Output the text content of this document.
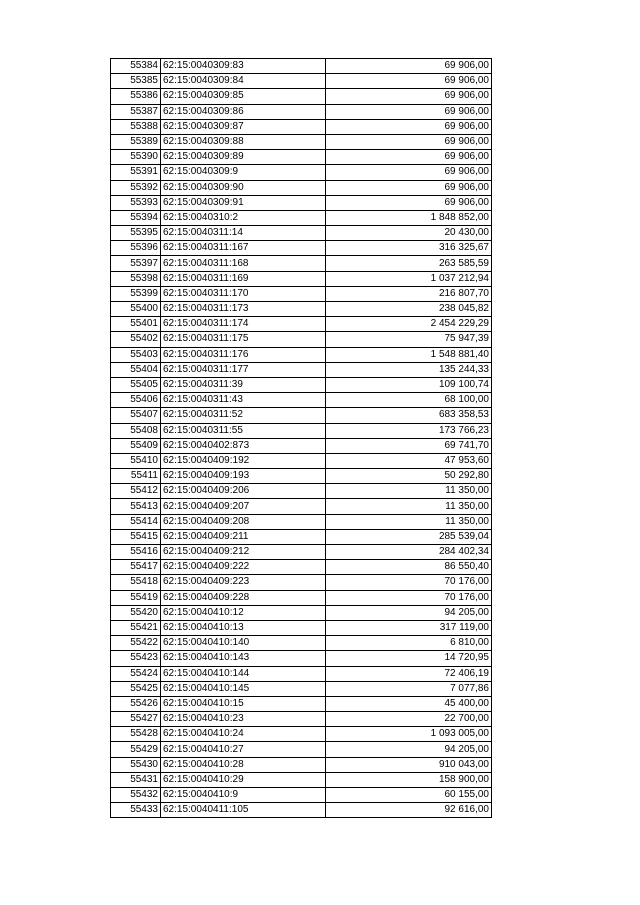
55384	62:15:0040309:83	69 906,00
55385	62:15:0040309:84	69 906,00
55386	62:15:0040309:85	69 906,00
55387	62:15:0040309:86	69 906,00
55388	62:15:0040309:87	69 906,00
55389	62:15:0040309:88	69 906,00
55390	62:15:0040309:89	69 906,00
55391	62:15:0040309:9	69 906,00
55392	62:15:0040309:90	69 906,00
55393	62:15:0040309:91	69 906,00
55394	62:15:0040310:2	1 848 852,00
55395	62:15:0040311:14	20 430,00
55396	62:15:0040311:167	316 325,67
55397	62:15:0040311:168	263 585,59
55398	62:15:0040311:169	1 037 212,94
55399	62:15:0040311:170	216 807,70
55400	62:15:0040311:173	238 045,82
55401	62:15:0040311:174	2 454 229,29
55402	62:15:0040311:175	75 947,39
55403	62:15:0040311:176	1 548 881,40
55404	62:15:0040311:177	135 244,33
55405	62:15:0040311:39	109 100,74
55406	62:15:0040311:43	68 100,00
55407	62:15:0040311:52	683 358,53
55408	62:15:0040311:55	173 766,23
55409	62:15:0040402:873	69 741,70
55410	62:15:0040409:192	47 953,60
55411	62:15:0040409:193	50 292,80
55412	62:15:0040409:206	11 350,00
55413	62:15:0040409:207	11 350,00
55414	62:15:0040409:208	11 350,00
55415	62:15:0040409:211	285 539,04
55416	62:15:0040409:212	284 402,34
55417	62:15:0040409:222	86 550,40
55418	62:15:0040409:223	70 176,00
55419	62:15:0040409:228	70 176,00
55420	62:15:0040410:12	94 205,00
55421	62:15:0040410:13	317 119,00
55422	62:15:0040410:140	6 810,00
55423	62:15:0040410:143	14 720,95
55424	62:15:0040410:144	72 406,19
55425	62:15:0040410:145	7 077,86
55426	62:15:0040410:15	45 400,00
55427	62:15:0040410:23	22 700,00
55428	62:15:0040410:24	1 093 005,00
55429	62:15:0040410:27	94 205,00
55430	62:15:0040410:28	910 043,00
55431	62:15:0040410:29	158 900,00
55432	62:15:0040410:9	60 155,00
55433	62:15:0040411:105	92 616,00
